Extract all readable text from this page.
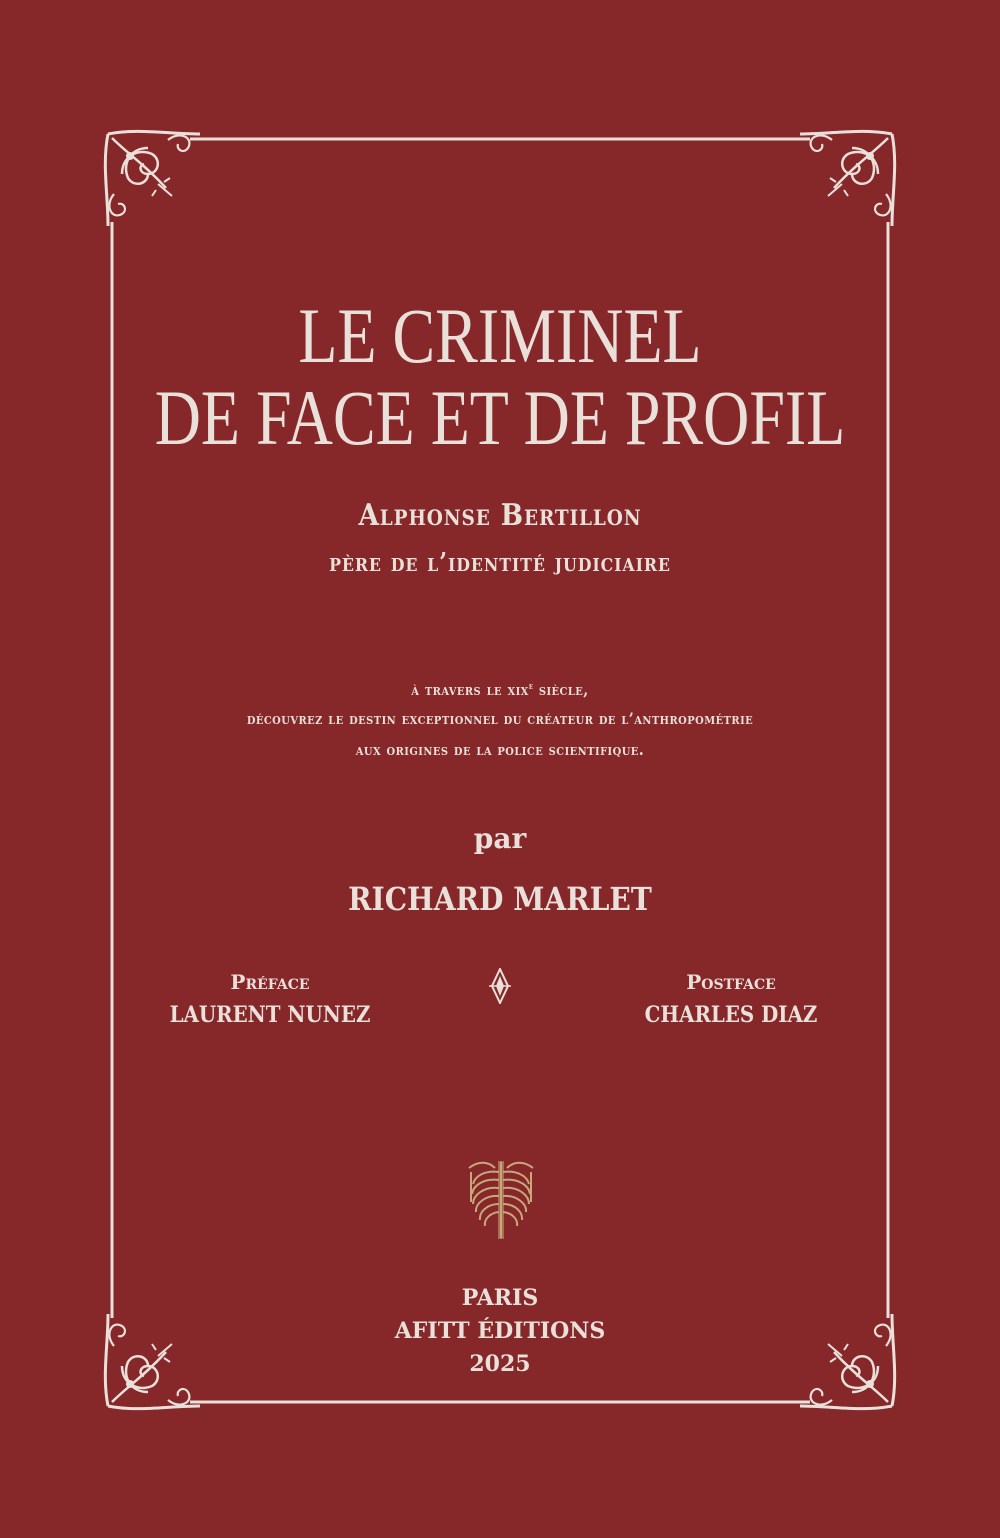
LE CRIMINEL
DE FACE ET DE PROFIL
Alphonse Bertillon
père de l’identité judiciaire
à travers le xix$^e$ siècle,
découvrez le destin exceptionnel du créateur de l’anthropométrie
aux origines de la police scientifique.
par
RICHARD MARLET
Préface
LAURENT NUNEZ
Postface
CHARLES DIAZ
PARIS
AFITT ÉDITIONS
2025
